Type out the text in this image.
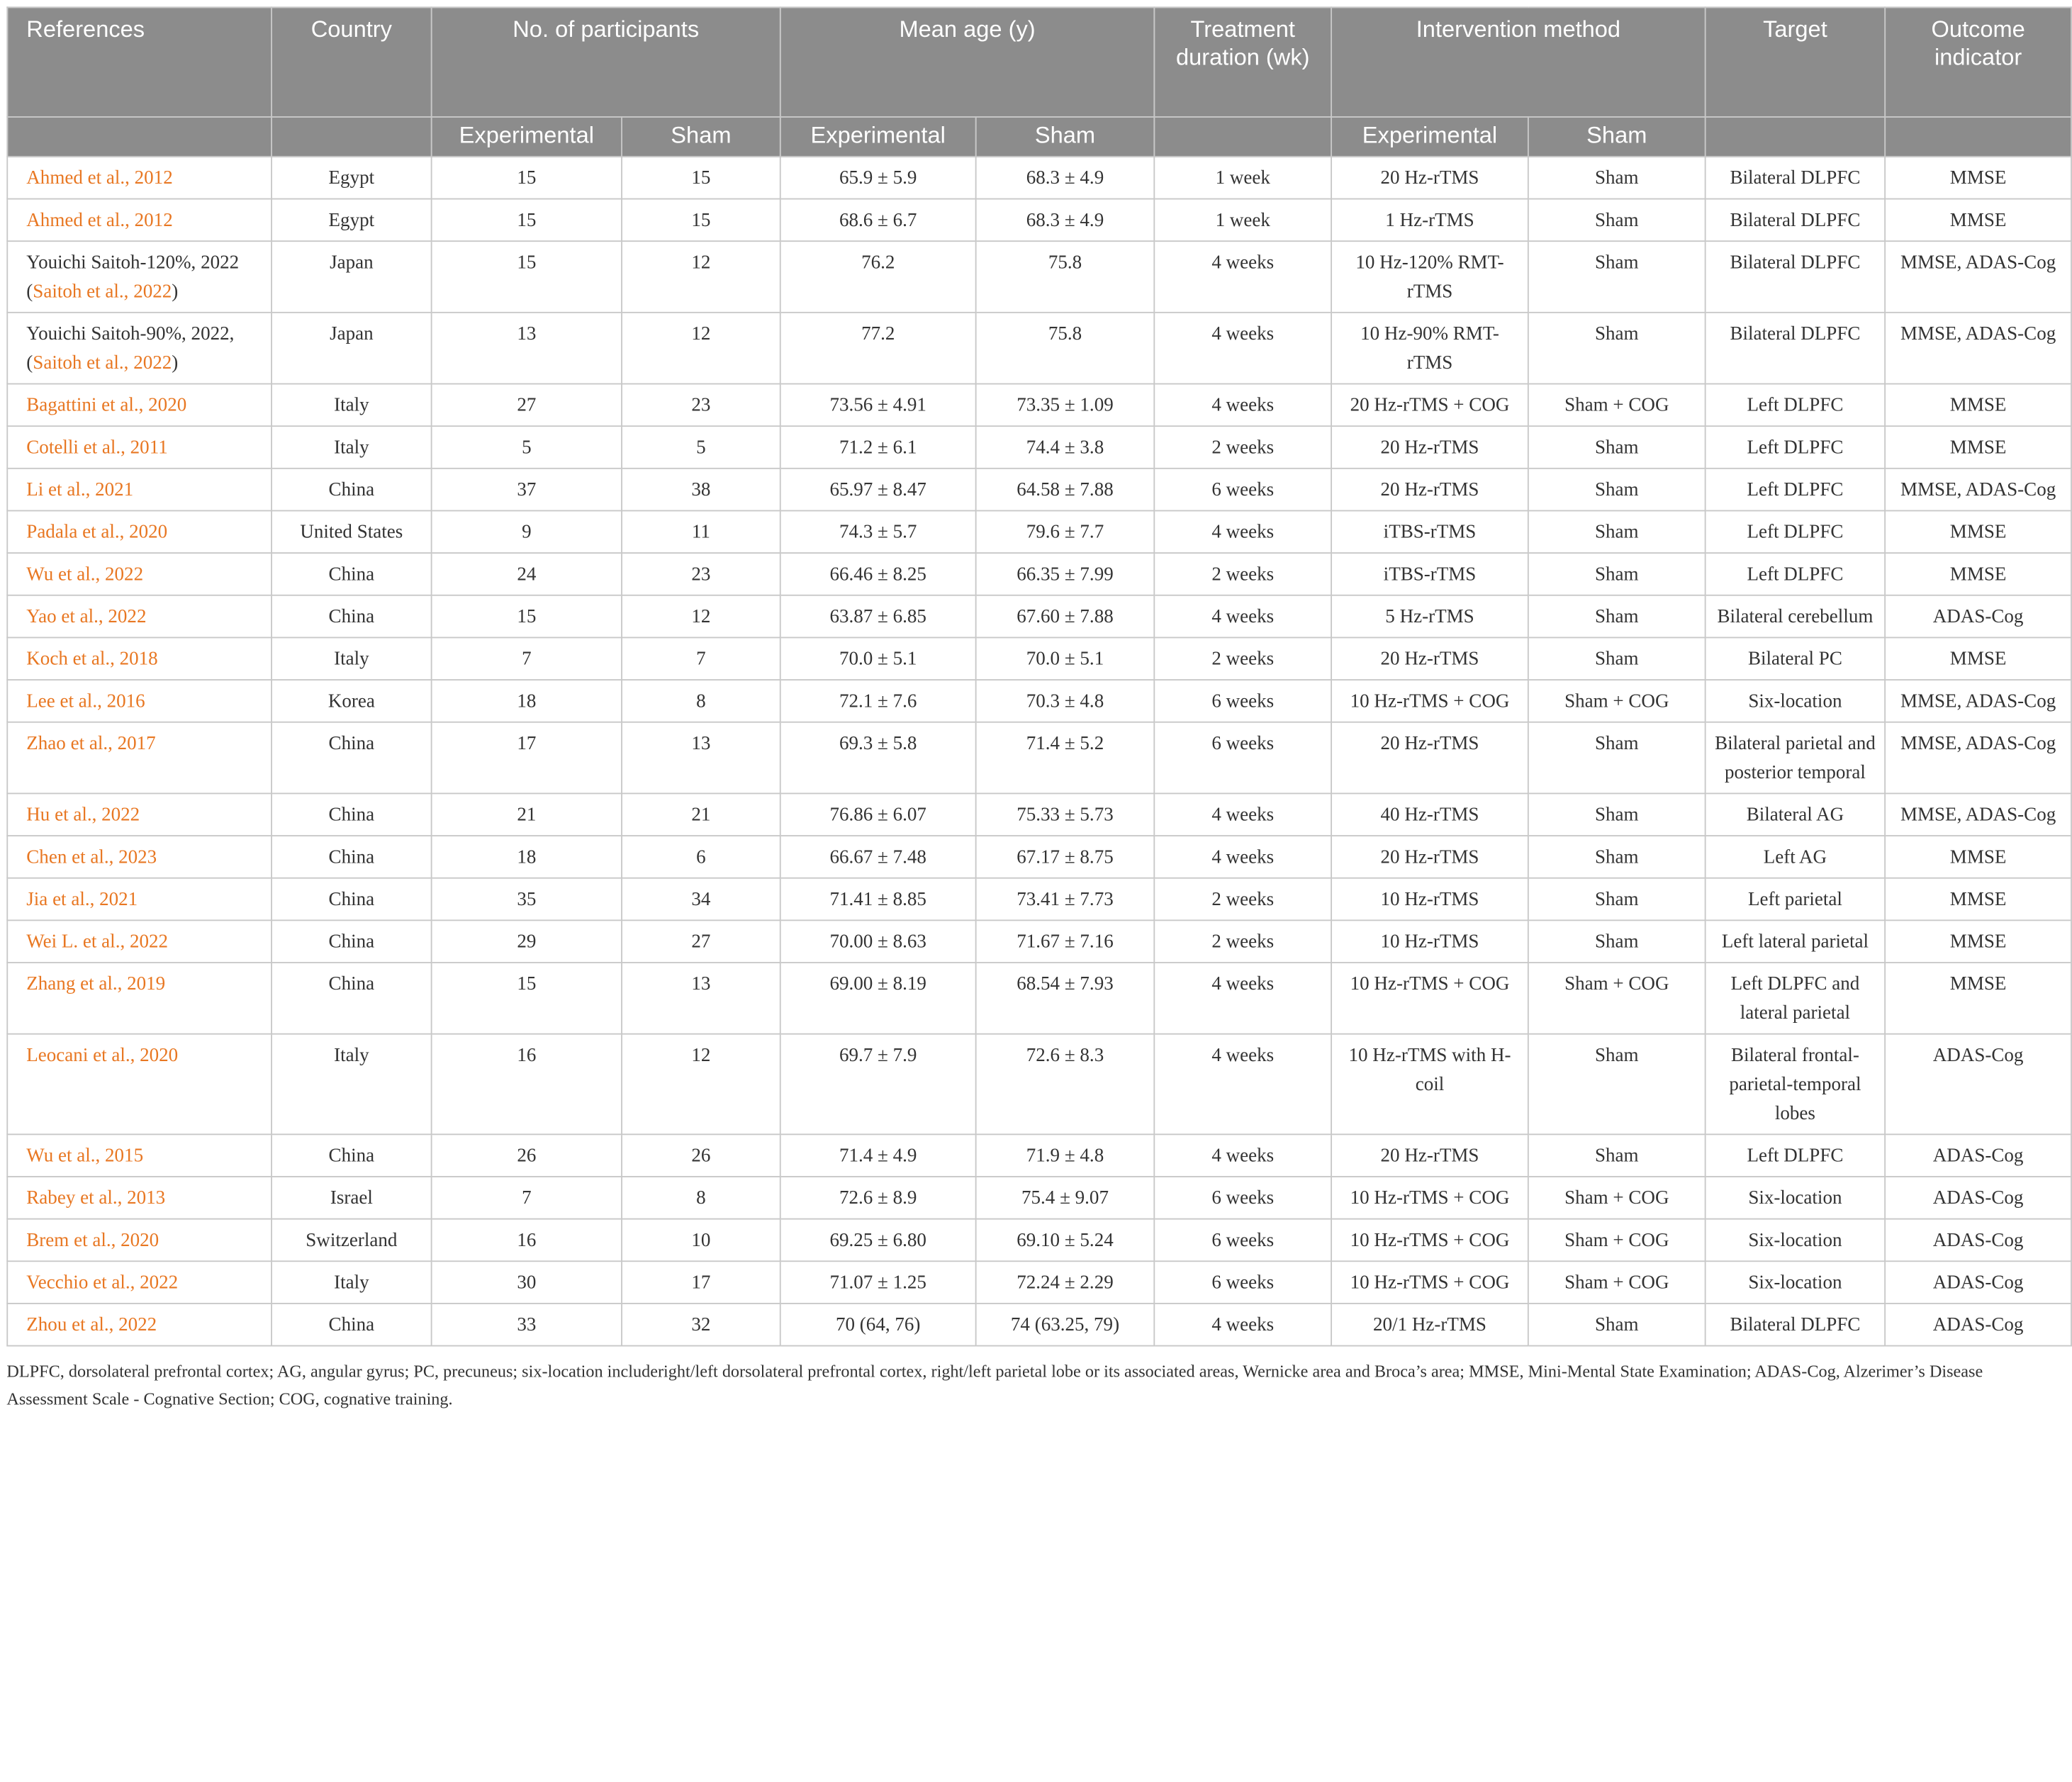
References	Country	No. of participants		Mean age (y)		Treatment duration (wk)	Intervention method		Target	Outcome indicator
		Experimental	Sham	Experimental	Sham		Experimental	Sham		
Ahmed et al., 2012	Egypt	15	15	65.9 ± 5.9	68.3 ± 4.9	1 week	20 Hz-rTMS	Sham	Bilateral DLPFC	MMSE
Ahmed et al., 2012	Egypt	15	15	68.6 ± 6.7	68.3 ± 4.9	1 week	1 Hz-rTMS	Sham	Bilateral DLPFC	MMSE
Youichi Saitoh-120%, 2022
(Saitoh et al., 2022)	Japan	15	12	76.2	75.8	4 weeks	10 Hz-120% RMT-rTMS	Sham	Bilateral DLPFC	MMSE, ADAS-Cog
Youichi Saitoh-90%, 2022,
(Saitoh et al., 2022)	Japan	13	12	77.2	75.8	4 weeks	10 Hz-90% RMT-rTMS	Sham	Bilateral DLPFC	MMSE, ADAS-Cog
Bagattini et al., 2020	Italy	27	23	73.56 ± 4.91	73.35 ± 1.09	4 weeks	20 Hz-rTMS + COG	Sham + COG	Left DLPFC	MMSE
Cotelli et al., 2011	Italy	5	5	71.2 ± 6.1	74.4 ± 3.8	2 weeks	20 Hz-rTMS	Sham	Left DLPFC	MMSE
Li et al., 2021	China	37	38	65.97 ± 8.47	64.58 ± 7.88	6 weeks	20 Hz-rTMS	Sham	Left DLPFC	MMSE, ADAS-Cog
Padala et al., 2020	United States	9	11	74.3 ± 5.7	79.6 ± 7.7	4 weeks	iTBS-rTMS	Sham	Left DLPFC	MMSE
Wu et al., 2022	China	24	23	66.46 ± 8.25	66.35 ± 7.99	2 weeks	iTBS-rTMS	Sham	Left DLPFC	MMSE
Yao et al., 2022	China	15	12	63.87 ± 6.85	67.60 ± 7.88	4 weeks	5 Hz-rTMS	Sham	Bilateral cerebellum	ADAS-Cog
Koch et al., 2018	Italy	7	7	70.0 ± 5.1	70.0 ± 5.1	2 weeks	20 Hz-rTMS	Sham	Bilateral PC	MMSE
Lee et al., 2016	Korea	18	8	72.1 ± 7.6	70.3 ± 4.8	6 weeks	10 Hz-rTMS + COG	Sham + COG	Six-location	MMSE, ADAS-Cog
Zhao et al., 2017	China	17	13	69.3 ± 5.8	71.4 ± 5.2	6 weeks	20 Hz-rTMS	Sham	Bilateral parietal and posterior temporal	MMSE, ADAS-Cog
Hu et al., 2022	China	21	21	76.86 ± 6.07	75.33 ± 5.73	4 weeks	40 Hz-rTMS	Sham	Bilateral AG	MMSE, ADAS-Cog
Chen et al., 2023	China	18	6	66.67 ± 7.48	67.17 ± 8.75	4 weeks	20 Hz-rTMS	Sham	Left AG	MMSE
Jia et al., 2021	China	35	34	71.41 ± 8.85	73.41 ± 7.73	2 weeks	10 Hz-rTMS	Sham	Left parietal	MMSE
Wei L. et al., 2022	China	29	27	70.00 ± 8.63	71.67 ± 7.16	2 weeks	10 Hz-rTMS	Sham	Left lateral parietal	MMSE
Zhang et al., 2019	China	15	13	69.00 ± 8.19	68.54 ± 7.93	4 weeks	10 Hz-rTMS + COG	Sham + COG	Left DLPFC and lateral parietal	MMSE
Leocani et al., 2020	Italy	16	12	69.7 ± 7.9	72.6 ± 8.3	4 weeks	10 Hz-rTMS with H-coil	Sham	Bilateral frontal-parietal-temporal lobes	ADAS-Cog
Wu et al., 2015	China	26	26	71.4 ± 4.9	71.9 ± 4.8	4 weeks	20 Hz-rTMS	Sham	Left DLPFC	ADAS-Cog
Rabey et al., 2013	Israel	7	8	72.6 ± 8.9	75.4 ± 9.07	6 weeks	10 Hz-rTMS + COG	Sham + COG	Six-location	ADAS-Cog
Brem et al., 2020	Switzerland	16	10	69.25 ± 6.80	69.10 ± 5.24	6 weeks	10 Hz-rTMS + COG	Sham + COG	Six-location	ADAS-Cog
Vecchio et al., 2022	Italy	30	17	71.07 ± 1.25	72.24 ± 2.29	6 weeks	10 Hz-rTMS + COG	Sham + COG	Six-location	ADAS-Cog
Zhou et al., 2022	China	33	32	70 (64, 76)	74 (63.25, 79)	4 weeks	20/1 Hz-rTMS	Sham	Bilateral DLPFC	ADAS-Cog
DLPFC, dorsolateral prefrontal cortex; AG, angular gyrus; PC, precuneus; six-location includeright/left dorsolateral prefrontal cortex, right/left parietal lobe or its associated areas, Wernicke area and Broca’s area; MMSE, Mini-Mental State Examination; ADAS-Cog, Alzerimer’s Disease Assessment Scale - Cognative Section; COG, cognative training.
